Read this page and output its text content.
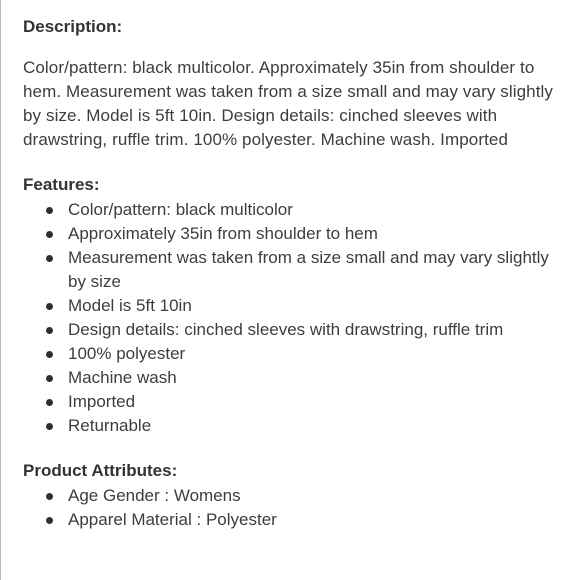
Description:

Color/pattern: black multicolor. Approximately 35in from shoulder to hem. Measurement was taken from a size small and may vary slightly by size. Model is 5ft 10in. Design details: cinched sleeves with drawstring, ruffle trim. 100% polyester. Machine wash. Imported

Features:
Color/pattern: black multicolor
Approximately 35in from shoulder to hem
Measurement was taken from a size small and may vary slightly by size
Model is 5ft 10in
Design details: cinched sleeves with drawstring, ruffle trim
100% polyester
Machine wash
Imported
Returnable
Product Attributes:
Age Gender : Womens
Apparel Material : Polyester
